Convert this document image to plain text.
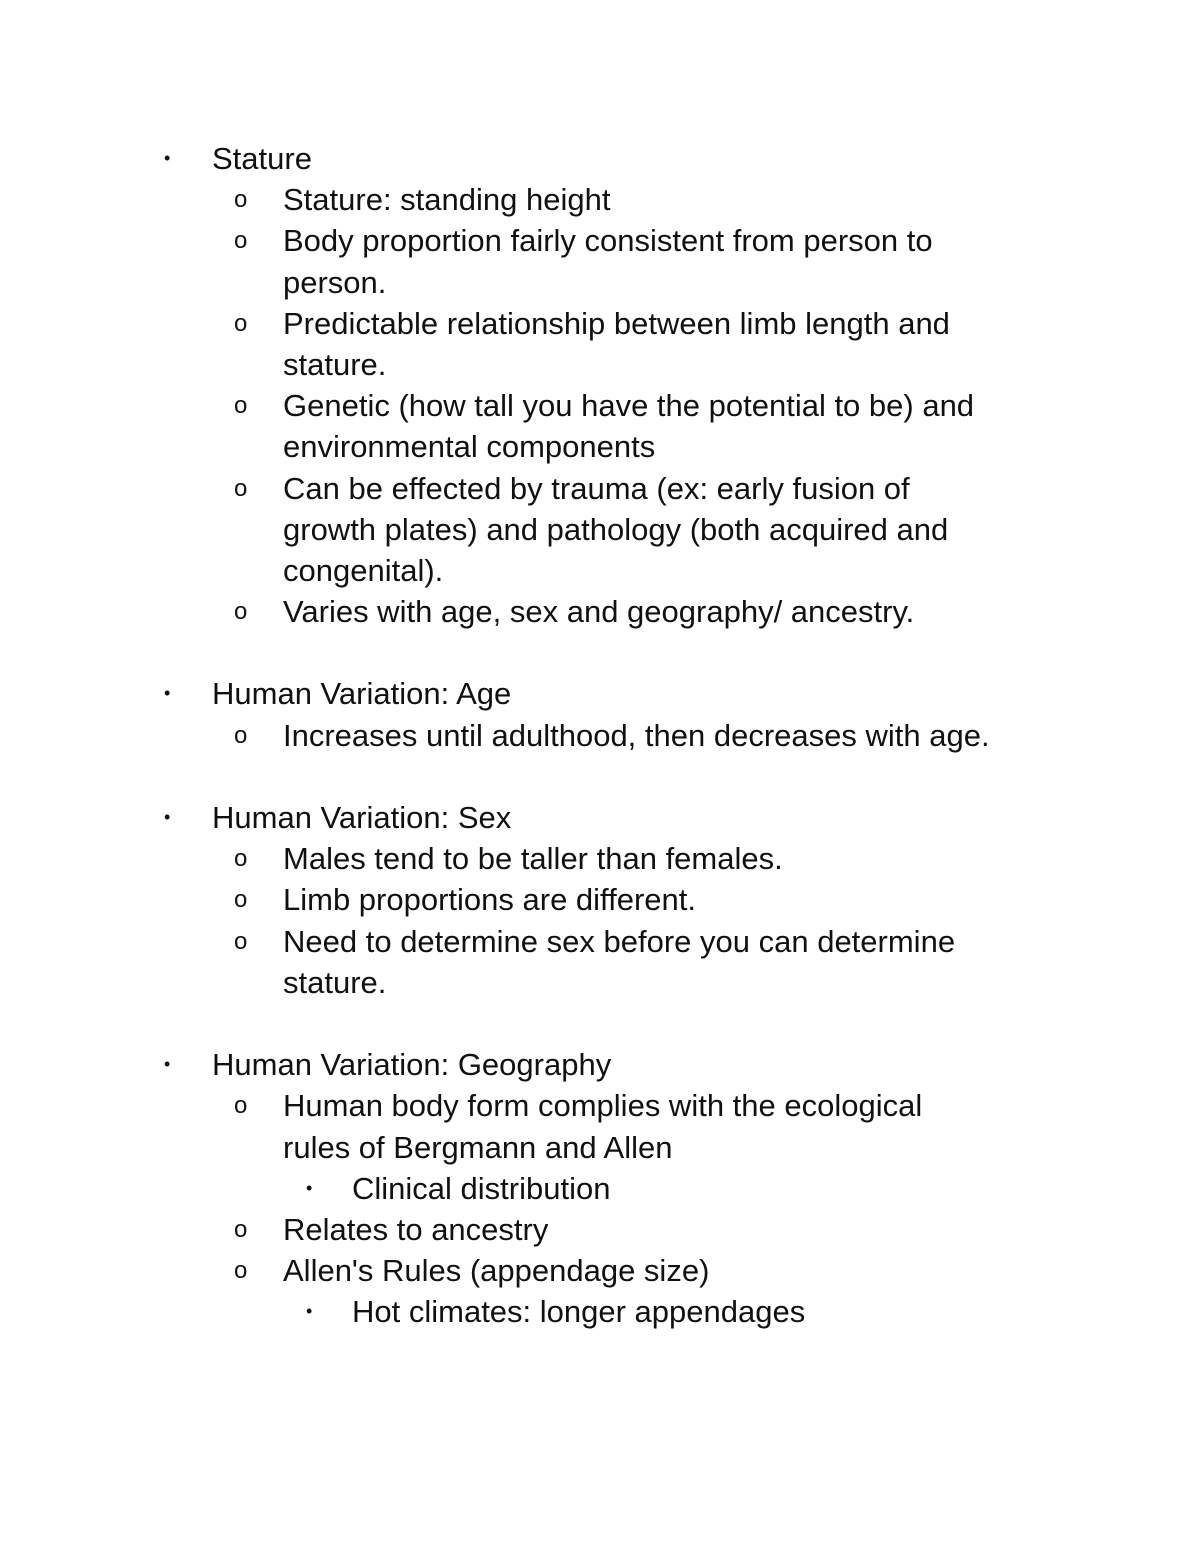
• Stature
o Stature: standing height
o Body proportion fairly consistent from person to
person.
o Predictable relationship between limb length and
stature.
o Genetic (how tall you have the potential to be) and
environmental components
o Can be effected by trauma (ex: early fusion of
growth plates) and pathology (both acquired and
congenital).
o Varies with age, sex and geography/ ancestry.
• Human Variation: Age
o Increases until adulthood, then decreases with age.
• Human Variation: Sex
o Males tend to be taller than females.
o Limb proportions are different.
o Need to determine sex before you can determine
stature.
• Human Variation: Geography
o Human body form complies with the ecological
rules of Bergmann and Allen
• Clinical distribution
o Relates to ancestry
o Allen's Rules (appendage size)
• Hot climates: longer appendages
